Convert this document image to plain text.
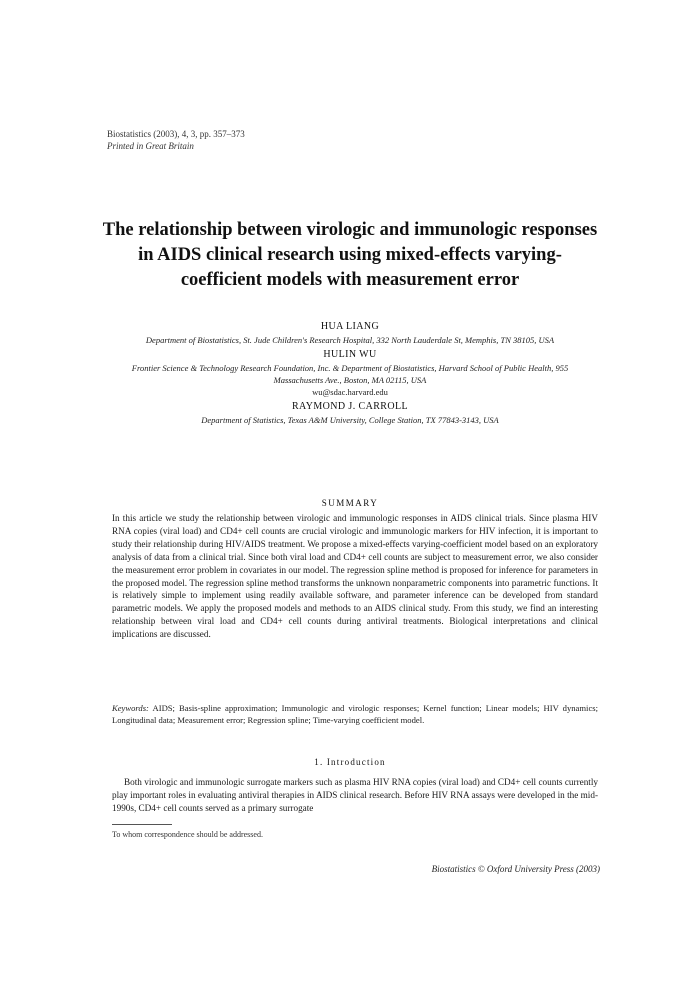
Biostatistics (2003), 4, 3, pp. 357–373
Printed in Great Britain
The relationship between virologic and immunologic responses in AIDS clinical research using mixed-effects varying-coefficient models with measurement error
HUA LIANG
Department of Biostatistics, St. Jude Children's Research Hospital, 332 North Lauderdale St, Memphis, TN 38105, USA
HULIN WU
Frontier Science & Technology Research Foundation, Inc. & Department of Biostatistics, Harvard School of Public Health, 955 Massachusetts Ave., Boston, MA 02115, USA
wu@sdac.harvard.edu
RAYMOND J. CARROLL
Department of Statistics, Texas A&M University, College Station, TX 77843-3143, USA
SUMMARY
In this article we study the relationship between virologic and immunologic responses in AIDS clinical trials. Since plasma HIV RNA copies (viral load) and CD4+ cell counts are crucial virologic and immunologic markers for HIV infection, it is important to study their relationship during HIV/AIDS treatment. We propose a mixed-effects varying-coefficient model based on an exploratory analysis of data from a clinical trial. Since both viral load and CD4+ cell counts are subject to measurement error, we also consider the measurement error problem in covariates in our model. The regression spline method is proposed for inference for parameters in the proposed model. The regression spline method transforms the unknown nonparametric components into parametric functions. It is relatively simple to implement using readily available software, and parameter inference can be developed from standard parametric models. We apply the proposed models and methods to an AIDS clinical study. From this study, we find an interesting relationship between viral load and CD4+ cell counts during antiviral treatments. Biological interpretations and clinical implications are discussed.
Keywords: AIDS; Basis-spline approximation; Immunologic and virologic responses; Kernel function; Linear models; HIV dynamics; Longitudinal data; Measurement error; Regression spline; Time-varying coefficient model.
1. Introduction
Both virologic and immunologic surrogate markers such as plasma HIV RNA copies (viral load) and CD4+ cell counts currently play important roles in evaluating antiviral therapies in AIDS clinical research. Before HIV RNA assays were developed in the mid-1990s, CD4+ cell counts served as a primary surrogate
To whom correspondence should be addressed.
Biostatistics © Oxford University Press (2003)
